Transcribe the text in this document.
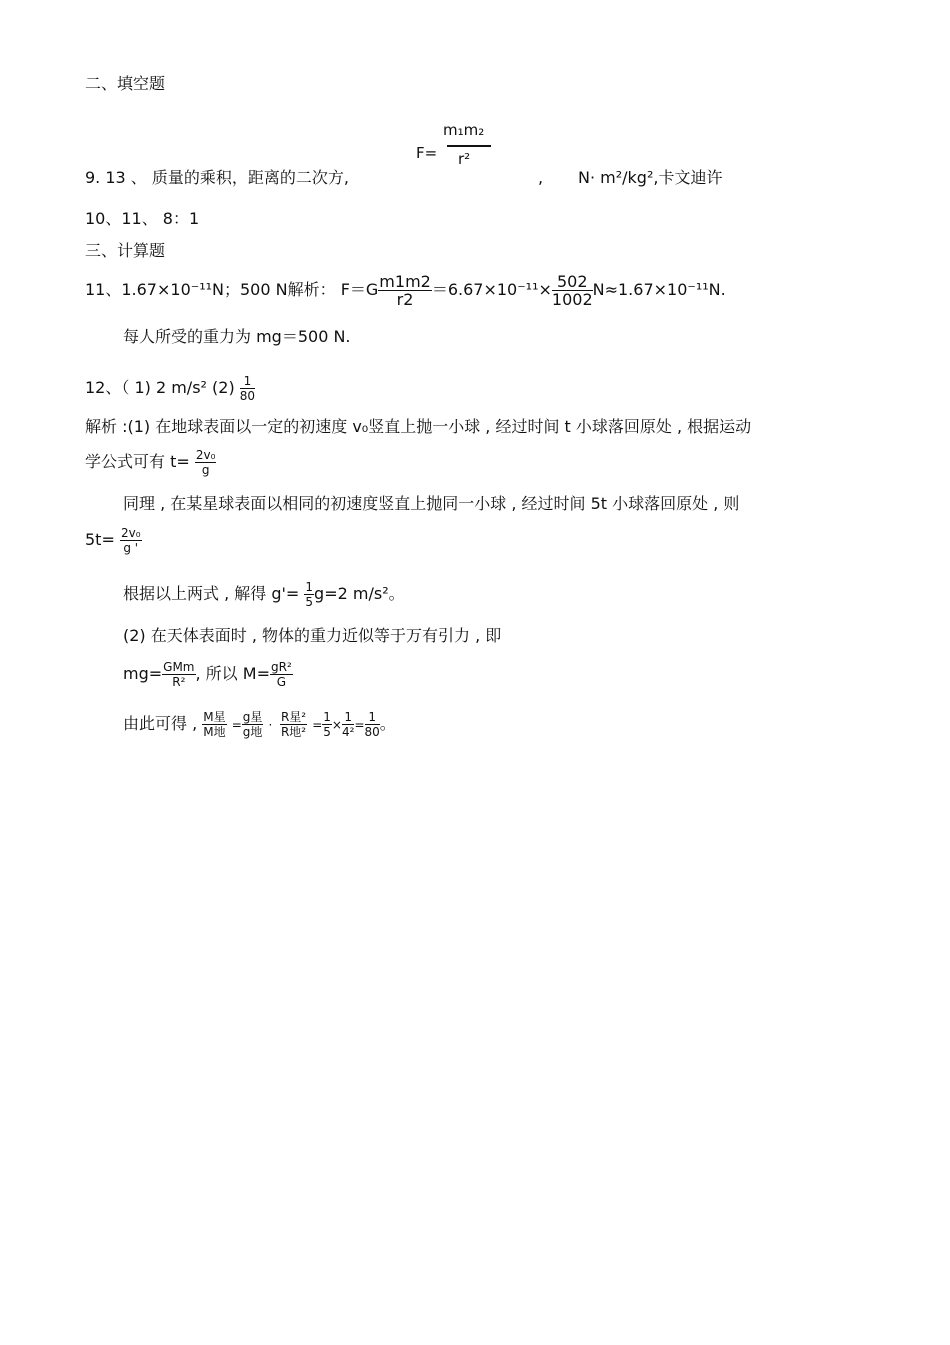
二、填空题
F=
m₁m₂
r²
9. 13 、 质量的乘积，距离的二次方,	, N· m²/kg²,卡文迪许
10、11、 8：1
三、计算题
11、1.67×10⁻¹¹N；500 N解析： $F=G \frac{m1m2}{r2} =6.67\times 10^{-11}\times \frac{502}{1002} N\approx 1.67\times 10^{-11}N$.
每人所受的重力为 mg＝500 N.
12、（ 1) 2 m/s² $(2) \frac{1}{80}$
解析 :(1) 在地球表面以一定的初速度 v₀竖直上抛一小球 , 经过时间 t 小球落回原处 , 根据运动
学公式可有 $t= \frac{\text{2v₀}}{g}$
同理 , 在某星球表面以相同的初速度竖直上抛同一小球 , 经过时间 5t 小球落回原处 , 则
$5t= \frac{\text{2v₀}}{g '}$
根据以上两式 , 解得 $g'= \frac{1}{5} g=2$ m/s²。
(2) 在天体表面时 , 物体的重力近似等于万有引力 , 即
$mg= \frac{\text{GMm}}{\text{R²}}$ , 所以 $M= \frac{\text{gR²}}{G}$
由此可得 , $\frac{\text{M星}}{\text{M地}} = \frac{\text{g星}}{\text{g地}} \cdot \frac{\text{R星²}}{\text{R地²}} = \frac{1}{5} \times \frac{1}{\text{4²}} = \frac{1}{80}$ 。
